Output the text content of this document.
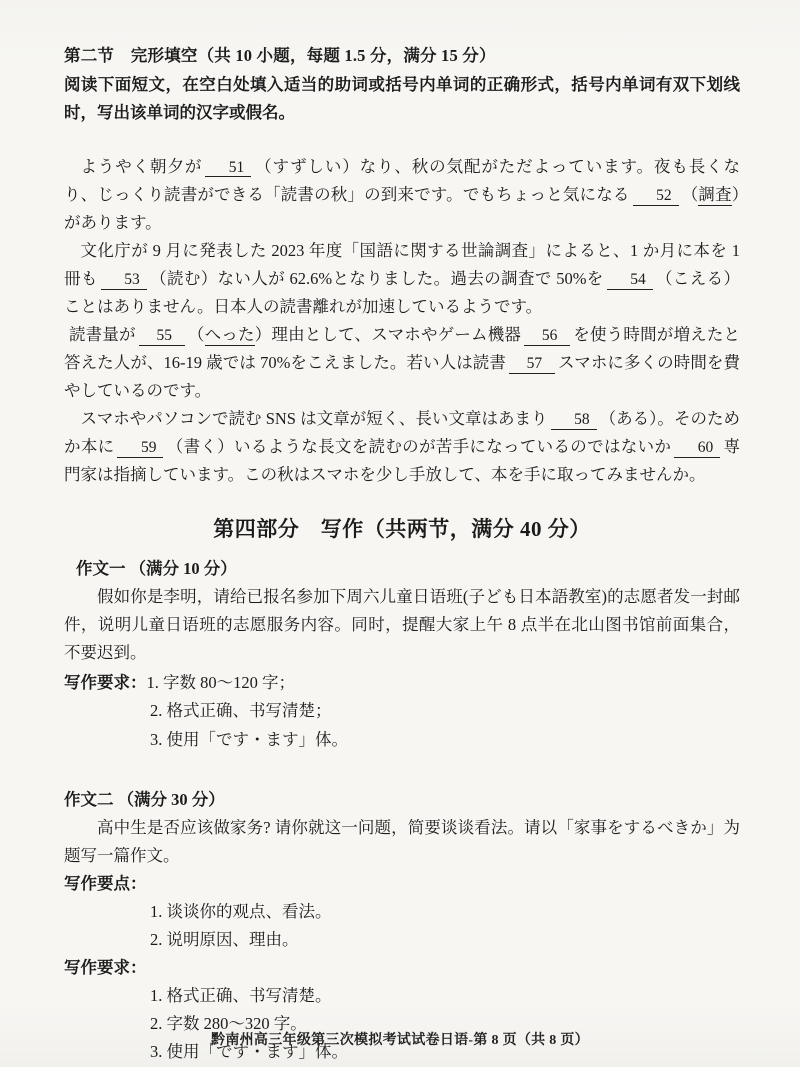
第二节　完形填空（共 10 小题，每题 1.5 分，满分 15 分）
阅读下面短文，在空白处填入适当的助词或括号内单词的正确形式，括号内单词有双下划线时，写出该单词的汉字或假名。

ようやく朝夕が 51 （すずしい）なり、秋の気配がただよっています。夜も長くなり、じっくり読書ができる「読書の秋」の到来です。でもちょっと気になる 52 （調査）があります。

文化庁が 9 月に発表した 2023 年度「国語に関する世論調査」によると、1 か月に本を 1 冊も 53 （読む）ない人が 62.6%となりました。過去の調査で 50%を 54 （こえる）ことはありません。日本人の読書離れが加速しているようです。

読書量が 55 （へった）理由として、スマホやゲーム機器 56 を使う時間が増えたと答えた人が、16-19 歳では 70%をこえました。若い人は読書 57 スマホに多くの時間を費やしているのです。

スマホやパソコンで読む SNS は文章が短く、長い文章はあまり 58 （ある）。そのためか本に 59 （書く）いるような長文を読むのが苦手になっているのではないか 60 専門家は指摘しています。この秋はスマホを少し手放して、本を手に取ってみませんか。

第四部分　写作（共两节，满分 40 分）
作文一 （满分 10 分）

假如你是李明，请给已报名参加下周六儿童日语班(子ども日本語教室)的志愿者发一封邮件，说明儿童日语班的志愿服务内容。同时，提醒大家上午 8 点半在北山图书馆前面集合，不要迟到。

写作要求：1. 字数 80～120 字；
2. 格式正确、书写清楚；
3. 使用「です・ます」体。
作文二 （满分 30 分）

高中生是否应该做家务? 请你就这一问题，简要谈谈看法。请以「家事をするべきか」为题写一篇作文。

写作要点：
1. 谈谈你的观点、看法。
2. 说明原因、理由。
写作要求：
1. 格式正确、书写清楚。
2. 字数 280～320 字。
3. 使用「です・ます」体。
黔南州高三年级第三次模拟考试试卷日语-第 8 页（共 8 页）
